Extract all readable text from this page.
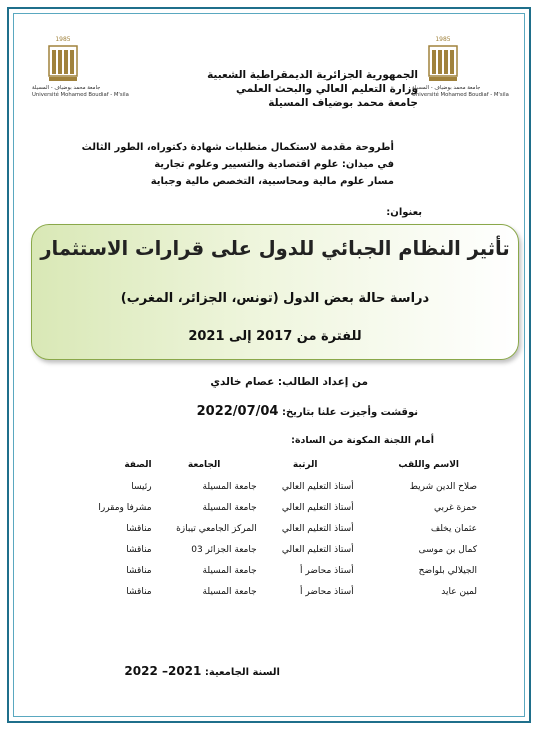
1985
جامعة محمد بوضياف - المسيلة
Université Mohamed Boudiaf - M'sila
1985
جامعة محمد بوضياف - المسيلة
Université Mohamed Boudiaf - M'sila
الجمهورية الجزائرية الديمقراطية الشعبية
وزارة التعليم العالي والبحث العلمي
جامعة محمد بوضياف المسيلة
أطروحة مقدمة لاستكمال متطلبات شهادة دكتوراه، الطور الثالث
في ميدان: علوم اقتصادية والتسيير وعلوم تجارية
مسار علوم مالية ومحاسبية، التخصص مالية وجباية
بعنوان:
تأثير النظام الجبائي للدول على قرارات الاستثمار
دراسة حالة بعض الدول (تونس، الجزائر، المغرب)
للفترة من 2017 إلى 2021
من إعداد الطالب: عصام خالدي
نوقشت وأجيزت علنا بتاريخ: 2022/07/04
:أمام اللجنة المكونة من السادة
الاسم واللقب	الرتبة	الجامعة	الصفة
صلاح الدين شريط	أستاذ التعليم العالي	جامعة المسيلة	رئيسا
حمزة غربي	أستاذ التعليم العالي	جامعة المسيلة	مشرفا ومقررا
عثمان يخلف	أستاذ التعليم العالي	المركز الجامعي تيبازة	مناقشا
كمال بن موسى	أستاذ التعليم العالي	جامعة الجزائر 03	مناقشا
الجيلالي بلواضح	أستاذ محاضر أ	جامعة المسيلة	مناقشا
لمين عايد	أستاذ محاضر أ	جامعة المسيلة	مناقشا
السنة الجامعية: 2021– 2022
